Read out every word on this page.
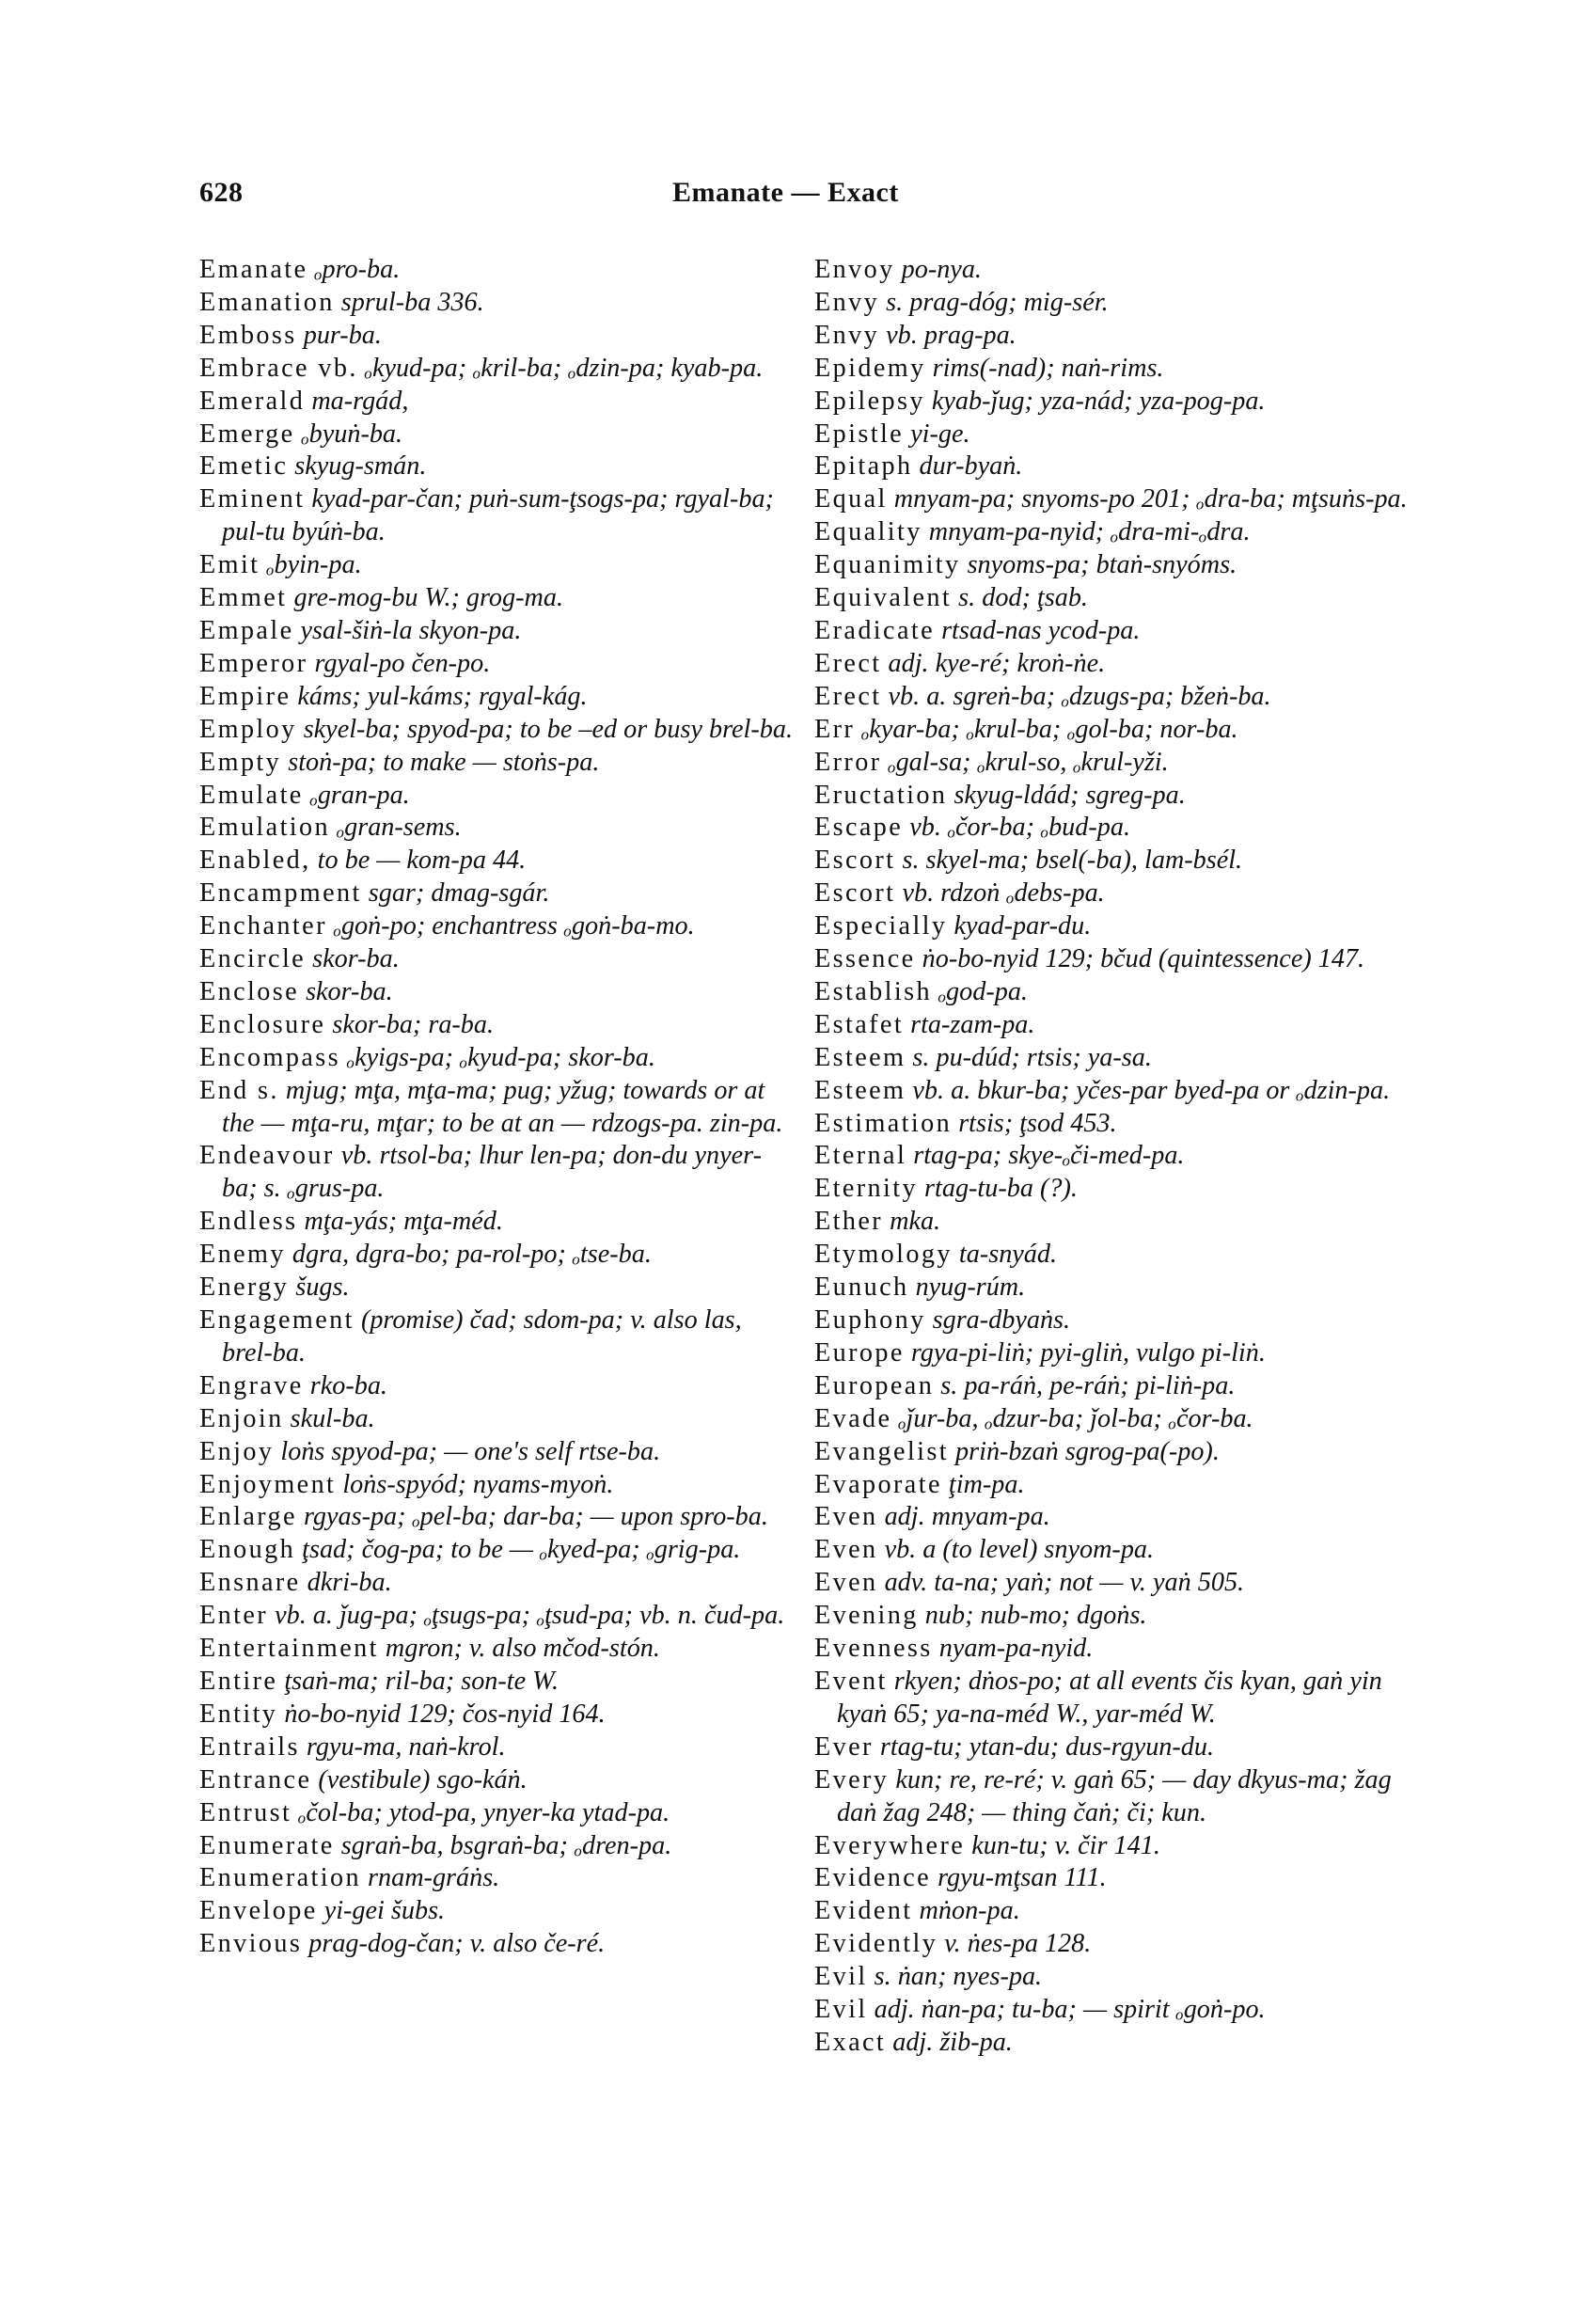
628	Emanate — Exact
Emanate ₒpro-ba.
Emanation sprul-ba 336.
Emboss pur-ba.
Embrace vb. ₒkyud-pa; ₒkril-ba; ₒdzin-pa; kyab-pa.
Emerald ma-rgád,
Emerge ₒbyuṅ-ba.
Emetic skyug-smán.
Eminent kyad-par-čan; puṅ-sum-ţsogs-pa; rgyal-ba; pul-tu byúṅ-ba.
Emit ₒbyin-pa.
Emmet gre-mog-bu W.; grog-ma.
Empale ysal-šiṅ-la skyon-pa.
Emperor rgyal-po čen-po.
Empire káms; yul-káms; rgyal-kág.
Employ skyel-ba; spyod-pa; to be –ed or busy brel-ba.
Empty stoṅ-pa; to make — stoṅs-pa.
Emulate ₒgran-pa.
Emulation ₒgran-sems.
Enabled, to be — kom-pa 44.
Encampment sgar; dmag-sgár.
Enchanter ₒgoṅ-po; enchantress ₒgoṅ-ba-mo.
Encircle skor-ba.
Enclose skor-ba.
Enclosure skor-ba; ra-ba.
Encompass ₒkyigs-pa; ₒkyud-pa; skor-ba.
End s. mjug; mţa, mţa-ma; pug; yžug; towards or at the — mţa-ru, mţar; to be at an — rdzogs-pa. zin-pa.
Endeavour vb. rtsol-ba; lhur len-pa; don-du ynyer-ba; s. ₒgrus-pa.
Endless mţa-yás; mţa-méd.
Enemy dgra, dgra-bo; pa-rol-po; ₒtse-ba.
Energy šugs.
Engagement (promise) čad; sdom-pa; v. also las, brel-ba.
Engrave rko-ba.
Enjoin skul-ba.
Enjoy loṅs spyod-pa; — one's self rtse-ba.
Enjoyment loṅs-spyód; nyams-myoṅ.
Enlarge rgyas-pa; ₒpel-ba; dar-ba; — upon spro-ba.
Enough ţsad; čog-pa; to be — ₒkyed-pa; ₒgrig-pa.
Ensnare dkri-ba.
Enter vb. a. ǰug-pa; ₒţsugs-pa; ₒţsud-pa; vb. n. čud-pa.
Entertainment mgron; v. also mčod-stón.
Entire ţsaṅ-ma; ril-ba; son-te W.
Entity ṅo-bo-nyid 129; čos-nyid 164.
Entrails rgyu-ma, naṅ-krol.
Entrance (vestibule) sgo-káṅ.
Entrust ₒčol-ba; ytod-pa, ynyer-ka ytad-pa.
Enumerate sgraṅ-ba, bsgraṅ-ba; ₒdren-pa.
Enumeration rnam-gráṅs.
Envelope yi-gei šubs.
Envious prag-dog-čan; v. also če-ré.
Envoy po-nya.
Envy s. prag-dóg; mig-sér.
Envy vb. prag-pa.
Epidemy rims(-nad); naṅ-rims.
Epilepsy kyab-ǰug; yza-nád; yza-pog-pa.
Epistle yi-ge.
Epitaph dur-byaṅ.
Equal mnyam-pa; snyoms-po 201; ₒdra-ba; mţsuṅs-pa.
Equality mnyam-pa-nyid; ₒdra-mi-ₒdra.
Equanimity snyoms-pa; btaṅ-snyóms.
Equivalent s. dod; ţsab.
Eradicate rtsad-nas ycod-pa.
Erect adj. kye-ré; kroṅ-ṅe.
Erect vb. a. sgreṅ-ba; ₒdzugs-pa; bžeṅ-ba.
Err ₒkyar-ba; ₒkrul-ba; ₒgol-ba; nor-ba.
Error ₒgal-sa; ₒkrul-so, ₒkrul-yži.
Eructation skyug-ldád; sgreg-pa.
Escape vb. ₒčor-ba; ₒbud-pa.
Escort s. skyel-ma; bsel(-ba), lam-bsél.
Escort vb. rdzoṅ ₒdebs-pa.
Especially kyad-par-du.
Essence ṅo-bo-nyid 129; bčud (quintessence) 147.
Establish ₒgod-pa.
Estafet rta-zam-pa.
Esteem s. pu-dúd; rtsis; ya-sa.
Esteem vb. a. bkur-ba; yčes-par byed-pa or ₒdzin-pa.
Estimation rtsis; ţsod 453.
Eternal rtag-pa; skye-ₒči-med-pa.
Eternity rtag-tu-ba (?).
Ether mka.
Etymology ta-snyád.
Eunuch nyug-rúm.
Euphony sgra-dbyaṅs.
Europe rgya-pi-liṅ; pyi-gliṅ, vulgo pi-liṅ.
European s. pa-ráṅ, pe-ráṅ; pi-liṅ-pa.
Evade ₒǰur-ba, ₒdzur-ba; ǰol-ba; ₒčor-ba.
Evangelist priṅ-bzaṅ sgrog-pa(-po).
Evaporate ţim-pa.
Even adj. mnyam-pa.
Even vb. a (to level) snyom-pa.
Even adv. ta-na; yaṅ; not — v. yaṅ 505.
Evening nub; nub-mo; dgoṅs.
Evenness nyam-pa-nyid.
Event rkyen; dṅos-po; at all events čis kyan, gaṅ yin kyaṅ 65; ya-na-méd W., yar-méd W.
Ever rtag-tu; ytan-du; dus-rgyun-du.
Every kun; re, re-ré; v. gaṅ 65; — day dkyus-ma; žag daṅ žag 248; — thing čaṅ; či; kun.
Everywhere kun-tu; v. čir 141.
Evidence rgyu-mţsan 111.
Evident mṅon-pa.
Evidently v. ṅes-pa 128.
Evil s. ṅan; nyes-pa.
Evil adj. ṅan-pa; tu-ba; — spirit ₒgoṅ-po.
Exact adj. žib-pa.
